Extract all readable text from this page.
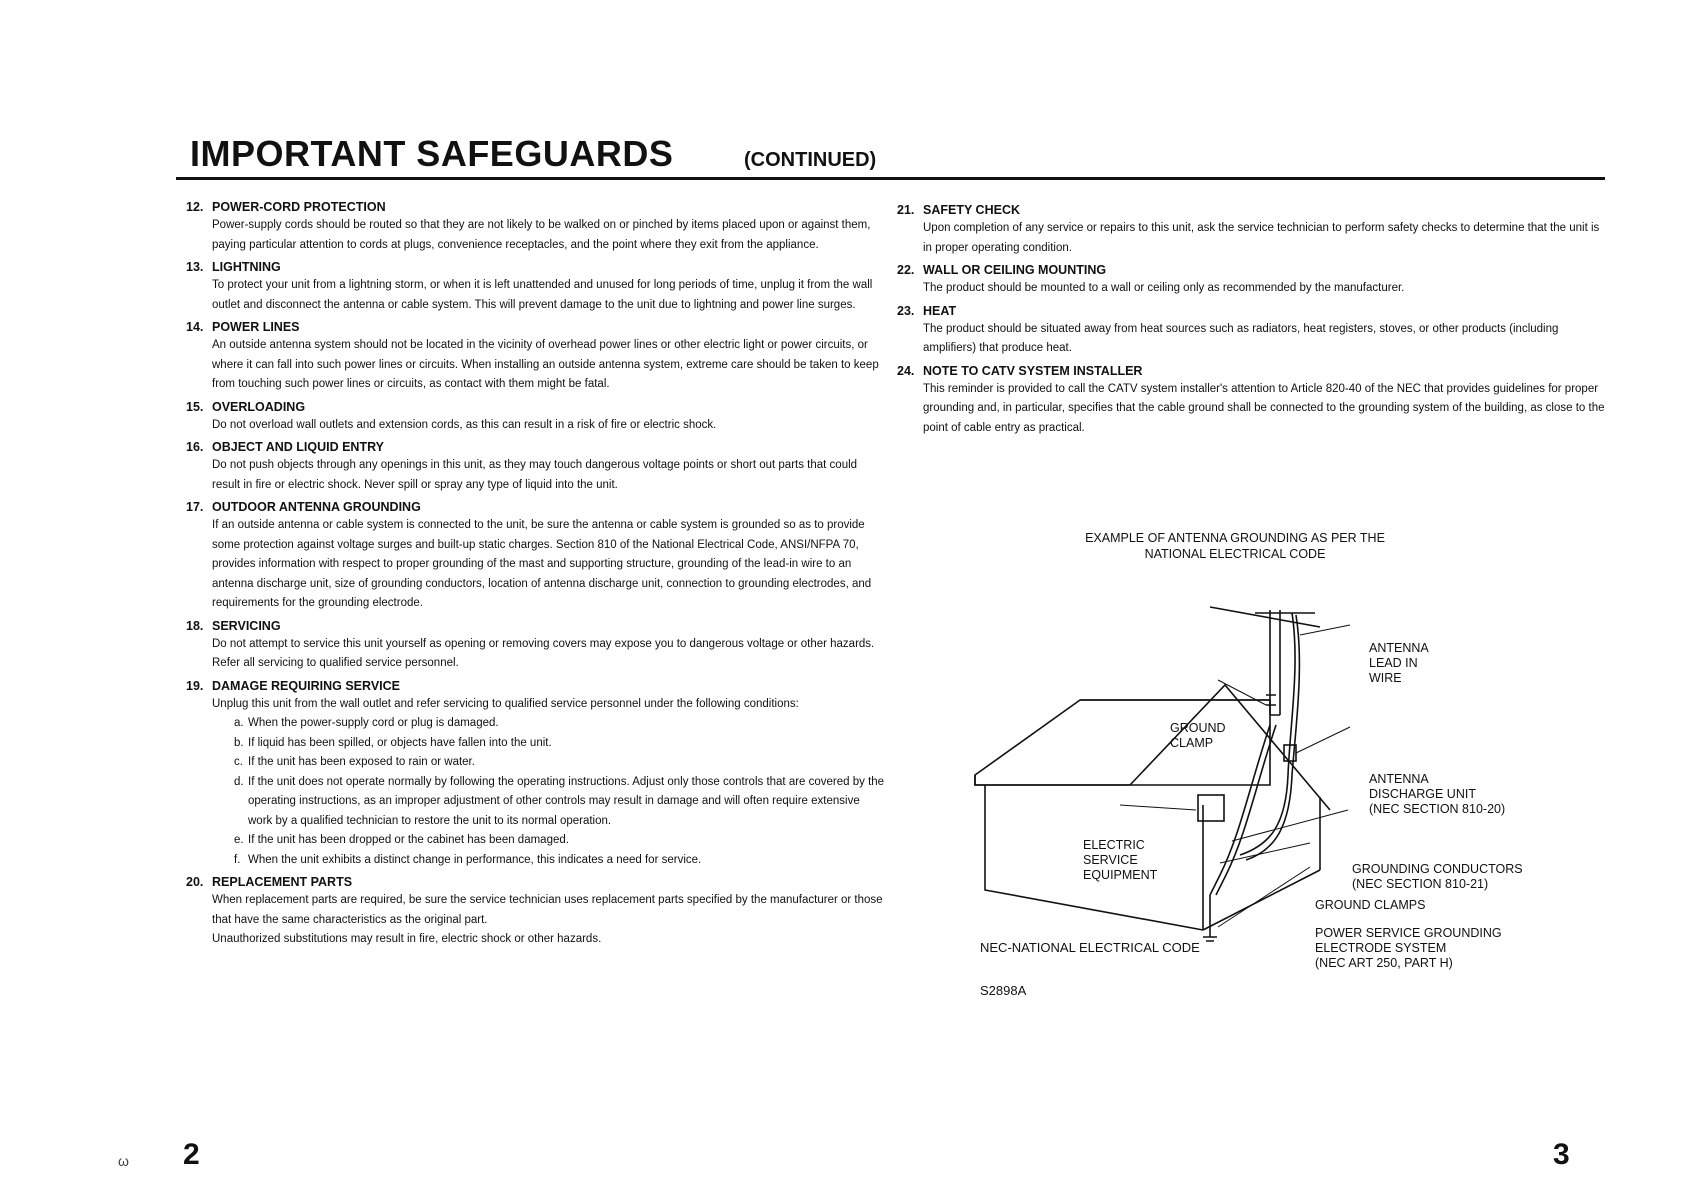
IMPORTANT SAFEGUARDS	(CONTINUED)
12. POWER-CORD PROTECTION

Power-supply cords should be routed so that they are not likely to be walked on or pinched by items placed upon or against them, paying particular attention to cords at plugs, convenience receptacles, and the point where they exit from the appliance.

13. LIGHTNING

To protect your unit from a lightning storm, or when it is left unattended and unused for long periods of time, unplug it from the wall outlet and disconnect the antenna or cable system. This will prevent damage to the unit due to lightning and power line surges.

14. POWER LINES

An outside antenna system should not be located in the vicinity of overhead power lines or other electric light or power circuits, or where it can fall into such power lines or circuits. When installing an outside antenna system, extreme care should be taken to keep from touching such power lines or circuits, as contact with them might be fatal.

15. OVERLOADING

Do not overload wall outlets and extension cords, as this can result in a risk of fire or electric shock.

16. OBJECT AND LIQUID ENTRY

Do not push objects through any openings in this unit, as they may touch dangerous voltage points or short out parts that could result in fire or electric shock. Never spill or spray any type of liquid into the unit.

17. OUTDOOR ANTENNA GROUNDING

If an outside antenna or cable system is connected to the unit, be sure the antenna or cable system is grounded so as to provide some protection against voltage surges and built-up static charges. Section 810 of the National Electrical Code, ANSI/NFPA 70, provides information with respect to proper grounding of the mast and supporting structure, grounding of the lead-in wire to an antenna discharge unit, size of grounding conductors, location of antenna discharge unit, connection to grounding electrodes, and requirements for the grounding electrode.

18. SERVICING

Do not attempt to service this unit yourself as opening or removing covers may expose you to dangerous voltage or other hazards. Refer all servicing to qualified service personnel.

19. DAMAGE REQUIRING SERVICE

Unplug this unit from the wall outlet and refer servicing to qualified service personnel under the following conditions:

a. When the power-supply cord or plug is damaged.
b. If liquid has been spilled, or objects have fallen into the unit.
c. If the unit has been exposed to rain or water.
d. If the unit does not operate normally by following the operating instructions. Adjust only those controls that are covered by the operating instructions, as an improper adjustment of other controls may result in damage and will often require extensive work by a qualified technician to restore the unit to its normal operation.
e. If the unit has been dropped or the cabinet has been damaged.
f. When the unit exhibits a distinct change in performance, this indicates a need for service.
20. REPLACEMENT PARTS

When replacement parts are required, be sure the service technician uses replacement parts specified by the manufacturer or those that have the same characteristics as the original part.

Unauthorized substitutions may result in fire, electric shock or other hazards.

21. SAFETY CHECK

Upon completion of any service or repairs to this unit, ask the service technician to perform safety checks to determine that the unit is in proper operating condition.

22. WALL OR CEILING MOUNTING

The product should be mounted to a wall or ceiling only as recommended by the manufacturer.

23. HEAT

The product should be situated away from heat sources such as radiators, heat registers, stoves, or other products (including amplifiers) that produce heat.

24. NOTE TO CATV SYSTEM INSTALLER

This reminder is provided to call the CATV system installer's attention to Article 820-40 of the NEC that provides guidelines for proper grounding and, in particular, specifies that the cable ground shall be connected to the grounding system of the building, as close to the point of cable entry as practical.

EXAMPLE OF ANTENNA GROUNDING AS PER THE
NATIONAL ELECTRICAL CODE
ANTENNA
LEAD IN
WIRE
GROUND
CLAMP
ANTENNA
DISCHARGE UNIT
(NEC SECTION 810-20)
ELECTRIC
SERVICE
EQUIPMENT	GROUNDING CONDUCTORS
(NEC SECTION 810-21)
GROUND CLAMPS
POWER SERVICE GROUNDING
ELECTRODE SYSTEM
(NEC ART 250, PART H)
NEC-NATIONAL ELECTRICAL CODE
S2898A
ω 2	3
